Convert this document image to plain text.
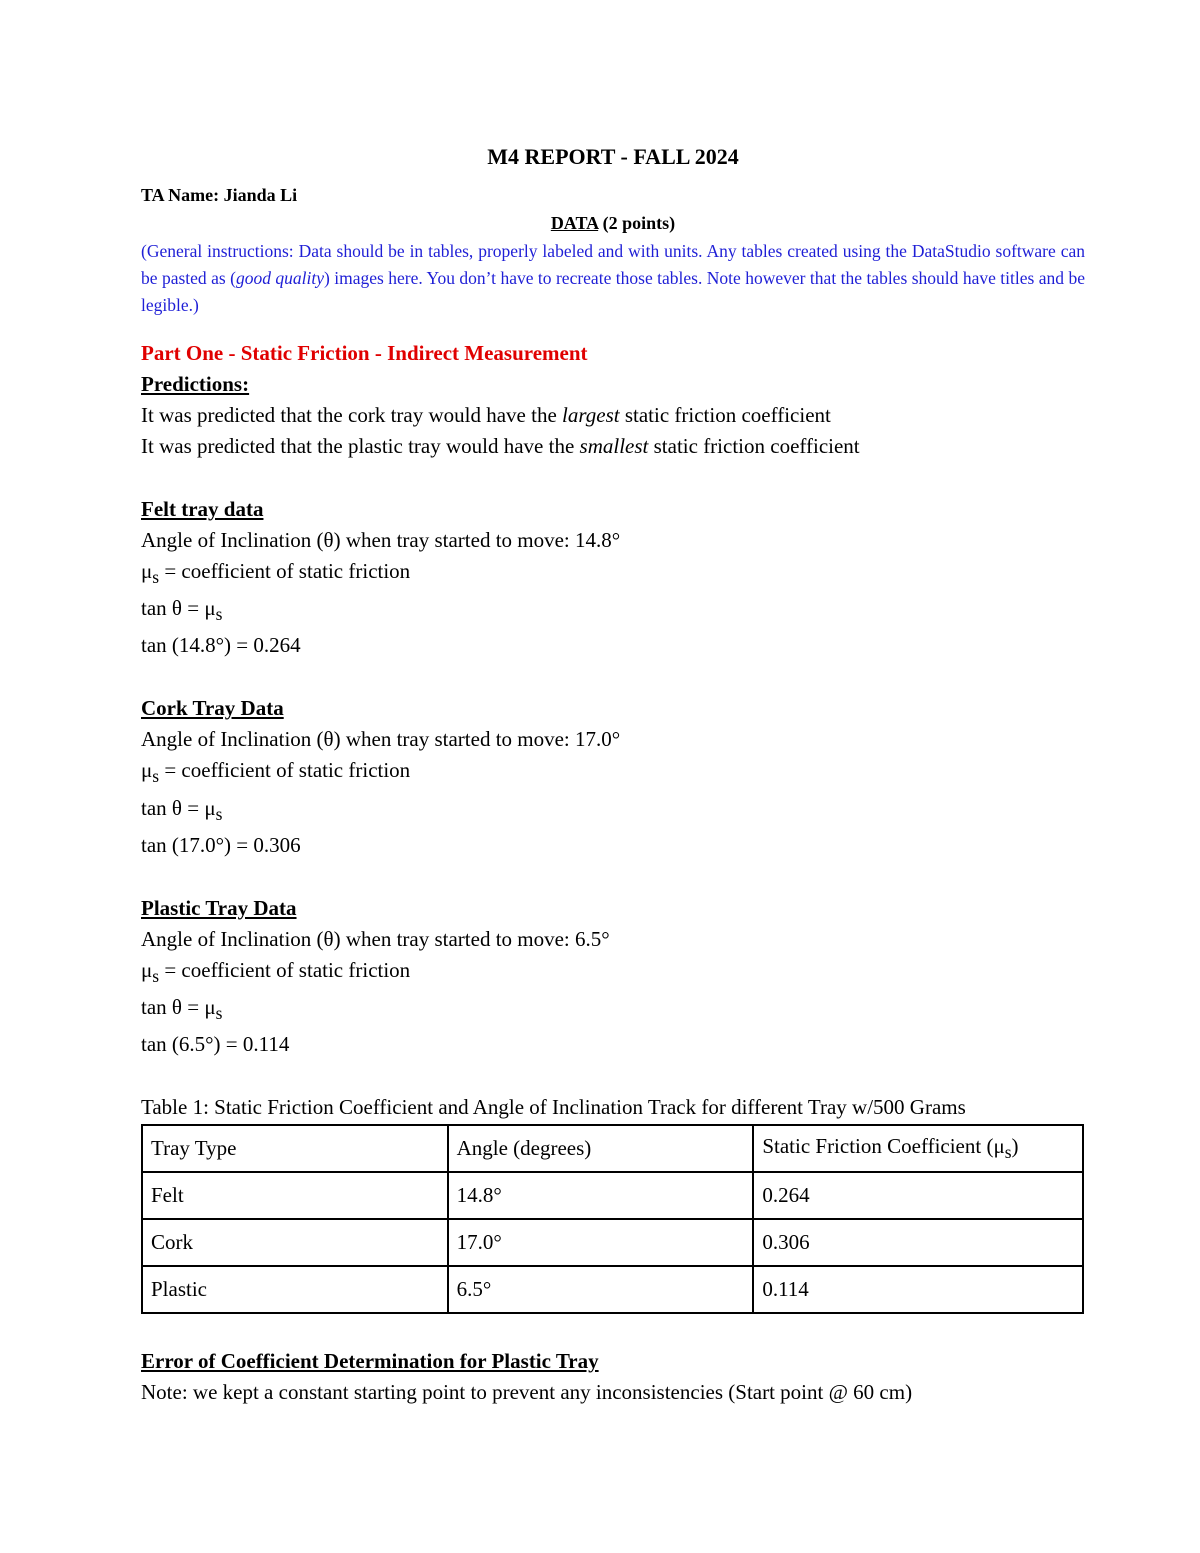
M4 REPORT - FALL 2024
TA Name: Jianda Li
DATA (2 points)
(General instructions: Data should be in tables, properly labeled and with units. Any tables created using the DataStudio software can be pasted as (good quality) images here. You don’t have to recreate those tables. Note however that the tables should have titles and be legible.)
Part One - Static Friction - Indirect Measurement
Predictions:
It was predicted that the cork tray would have the largest static friction coefficient
It was predicted that the plastic tray would have the smallest static friction coefficient
Felt tray data
Angle of Inclination (θ) when tray started to move: 14.8°
$\mu_s$ = coefficient of static friction
$\tan \theta = \mu_s$
tan (14.8°) = 0.264
Cork Tray Data
Angle of Inclination (θ) when tray started to move: 17.0°
$\mu_s$ = coefficient of static friction
$\tan \theta = \mu_s$
tan (17.0°) = 0.306
Plastic Tray Data
Angle of Inclination (θ) when tray started to move: 6.5°
$\mu_s$ = coefficient of static friction
$\tan \theta = \mu_s$
tan (6.5°) = 0.114
Table 1: Static Friction Coefficient and Angle of Inclination Track for different Tray w/500 Grams
Tray Type	Angle (degrees)	Static Friction Coefficient $(\mu_s)$
Felt	14.8°	0.264
Cork	17.0°	0.306
Plastic	6.5°	0.114
Error of Coefficient Determination for Plastic Tray
Note: we kept a constant starting point to prevent any inconsistencies (Start point @ 60 cm)
